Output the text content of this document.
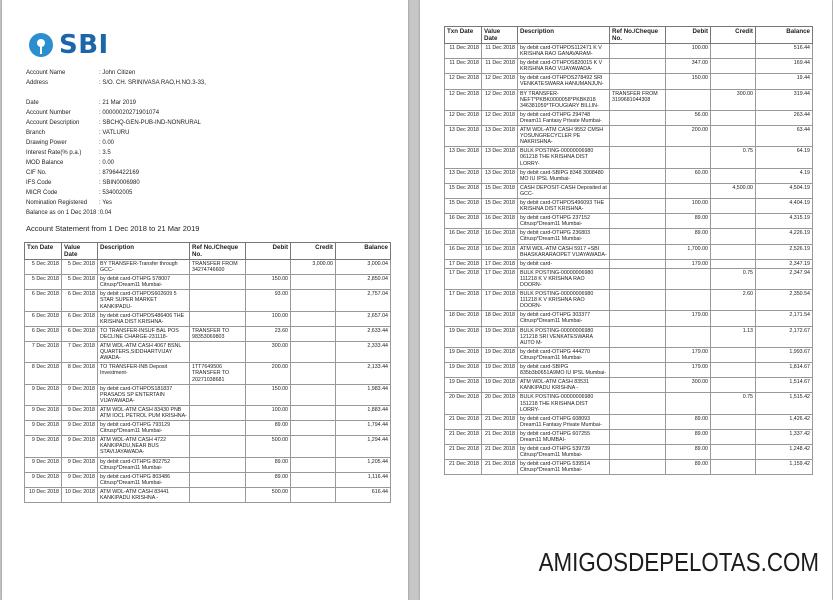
SBI
Account Name	: John Citizen
Address	: S/O. CH. SRINIVASA RAO,H.NO.3-33,
Date	: 21 Mar 2019
Account Number	: 00000020271901074
Account Description	: SBCHQ-GEN-PUB-IND-NONRURAL
Branch	: VATLURU
Drawing Power	: 0.00
Interest Rate(% p.a.)	: 3.5
MOD Balance	: 0.00
CIF No.	: 87964422169
IFS Code	: SBIN0006980
MICR Code	: 534002005
Nomination Registered : Yes
Balance as on 1 Dec 2018 :0.04
Account Statement from 1 Dec 2018 to 21 Mar 2019
Txn Date	Value Date	Description	Ref No./Cheque No.	Debit	Credit	Balance
5 Dec 2018	5 Dec 2018	BY TRANSFER-Transfer through GCC-	TRANSFER FROM 34274746600		3,000.00	3,000.04
5 Dec 2018	5 Dec 2018	by debit card-OTHPG 578007 Citrusp*Dream11 Mumbai-		150.00		2,850.04
6 Dec 2018	6 Dec 2018	by debit card-OTHPOS602609 5 STAR SUPER MARKET KANKIPADU-		93.00		2,757.04
6 Dec 2018	6 Dec 2018	by debit card-OTHPOS486406 THE KRISHNA DIST KRISHNA-		100.00		2,657.04
6 Dec 2018	6 Dec 2018	TO TRANSFER-INSUF BAL POS DECLINE CHARGE-231118-	TRANSFER TO 98353069803	23.60		2,633.44
7 Dec 2018	7 Dec 2018	ATM WDL-ATM CASH 4067 BSNL QUARTERS,SIDDHARTVIJAY AWADA-		300.00		2,333.44
8 Dec 2018	8 Dec 2018	TO TRANSFER-INB Deposit Investment-	1TT7649506 TRANSFER TO 20271038681	200.00		2,133.44
9 Dec 2018	9 Dec 2018	by debit card-OTHPOS181837 PRASADS SP ENTERTAIN VIJAYAWADA-		150.00		1,983.44
9 Dec 2018	9 Dec 2018	ATM WDL-ATM CASH 83430 PNB ATM IOCL PETROL PUM KRISHNA-		100.00		1,883.44
9 Dec 2018	9 Dec 2018	by debit card-OTHPG 793129 Citrusp*Dream11 Mumbai-		89.00		1,794.44
9 Dec 2018	9 Dec 2018	ATM WDL-ATM CASH 4722 KANKIPADU,NEAR BUS STAVIJAYAWADA-		500.00		1,294.44
9 Dec 2018	9 Dec 2018	by debit card-OTHPG 802752 Citrusp*Dream11 Mumbai-		89.00		1,205.44
9 Dec 2018	9 Dec 2018	by debit card-OTHPG 803486 Citrusp*Dream11 Mumbai-		89.00		1,116.44
10 Dec 2018	10 Dec 2018	ATM WDL-ATM CASH 83441 KANKIPADU KRISHNA -		500.00		616.44
Txn Date	Value Date	Description	Ref No./Cheque No.	Debit	Credit	Balance
11 Dec 2018	11 Dec 2018	by debit card-OTHPOS112471 K V KRISHNA RAO GANAVARAM-		100.00		516.44
11 Dec 2018	11 Dec 2018	by debit card-OTHPOS820015 K V KRISHNA RAO VIJAYAWADA-		347.00		169.44
12 Dec 2018	12 Dec 2018	by debit card-OTHPOS278492 SRI VENKATESWARA HANUMANJUN-		150.00		19.44
12 Dec 2018	12 Dec 2018	BY TRANSFER-NEFT*PKBK0000058*PKBK818 346381059*TFOUGIARY BILLIN-	TRANSFER FROM 3199681044308		300.00	319.44
12 Dec 2018	12 Dec 2018	by debit card-OTHPG 294748 Dream11 Fantasy Private Mumbai-		56.00		263.44
13 Dec 2018	13 Dec 2018	ATM WDL-ATM CASH 9552 CMSH YOSUNGRECYCLER PE NAKRISHNA-		200.00		63.44
13 Dec 2018	13 Dec 2018	BULK POSTING-00000006980 061218 THE KRISHNA DIST LORRY-			0.75	64.19
13 Dec 2018	13 Dec 2018	by debit card-SBIPG 8348 3008480 MO IU IPSL Mumbai-		60.00		4.19
15 Dec 2018	15 Dec 2018	CASH DEPOSIT-CASH Deposited at GCC-			4,500.00	4,504.19
15 Dec 2018	15 Dec 2018	by debit card-OTHPOS496093 THE KRISHNA DIST KRISHNA-		100.00		4,404.19
16 Dec 2018	16 Dec 2018	by debit card-OTHPG 237152 Citrusp*Dream11 Mumbai-		89.00		4,315.19
16 Dec 2018	16 Dec 2018	by debit card-OTHPG 236803 Citrusp*Dream11 Mumbai-		89.00		4,226.19
16 Dec 2018	16 Dec 2018	ATM WDL-ATM CASH 5917 +SBI BHASKARARAOPET VIJAYAWADA-		1,700.00		2,526.19
17 Dec 2018	17 Dec 2018	by debit card-		179.00		2,347.19
17 Dec 2018	17 Dec 2018	BULK POSTING-00000006980 111218 K V KRISHNA RAO DOORN-			0.75	2,347.94
17 Dec 2018	17 Dec 2018	BULK POSTING-00000006980 111218 K V KRISHNA RAO DOORN-			2.60	2,350.54
18 Dec 2018	18 Dec 2018	by debit card-OTHPG 303377 Citrusp*Dream11 Mumbai-		179.00		2,171.54
19 Dec 2018	19 Dec 2018	BULK POSTING-00000006980 121218 SRI VENKATESWARA AUTO M-			1.13	2,172.67
19 Dec 2018	19 Dec 2018	by debit card-OTHPG 444270 Citrusp*Dream11 Mumbai-		179.00		1,993.67
19 Dec 2018	19 Dec 2018	by debit card-SBIPG 835b3b0651A9MO IU IPSL Mumbai-		179.00		1,814.67
19 Dec 2018	19 Dec 2018	ATM WDL-ATM CASH 83531 KANKIPADU KRISHNA -		300.00		1,514.67
20 Dec 2018	20 Dec 2018	BULK POSTING-00000006980 151218 THE KRISHNA DIST LORRY-			0.75	1,515.42
21 Dec 2018	21 Dec 2018	by debit card-OTHPG 608093 Dream11 Fantasy Private Mumbai-		89.00		1,426.42
21 Dec 2018	21 Dec 2018	by debit card-OTHPG 607255 Dream11 MUMBAI-		89.00		1,337.42
21 Dec 2018	21 Dec 2018	by debit card-OTHPG 539739 Citrusp*Dream11 Mumbai-		89.00		1,248.42
21 Dec 2018	21 Dec 2018	by debit card-OTHPG 539514 Citrusp*Dream11 Mumbai-		89.00		1,159.42
AMIGOSDEPELOTAS.COM
